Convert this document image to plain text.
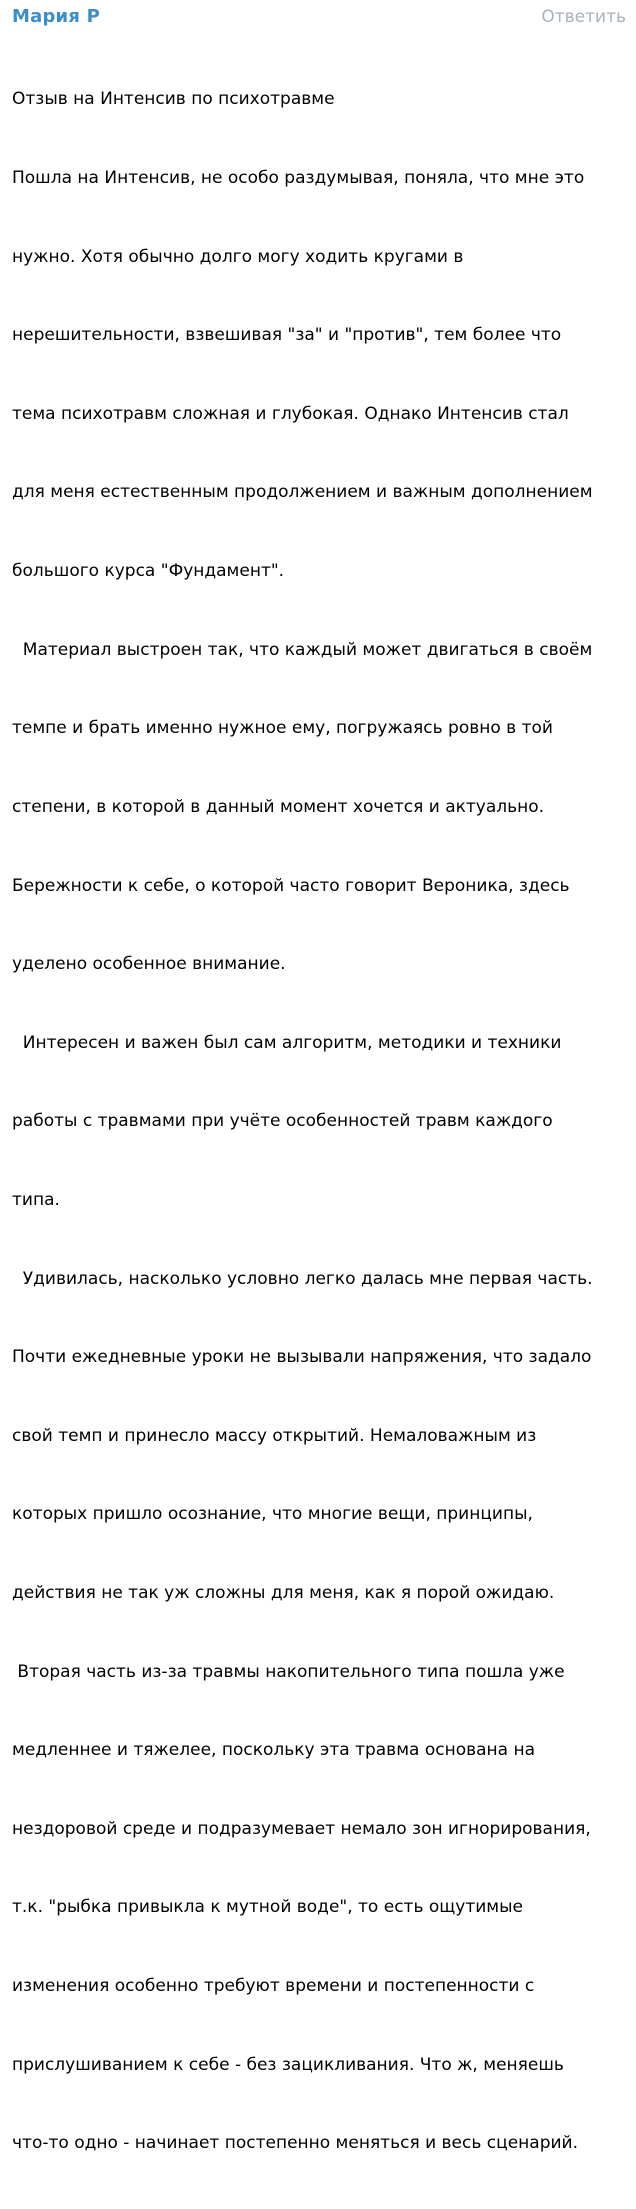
Мария Р	Ответить

Отзыв на Интенсив по психотравме

Пошла на Интенсив, не особо раздумывая, поняла, что мне это

нужно. Хотя обычно долго могу ходить кругами в

нерешительности, взвешивая "за" и "против", тем более что

тема психотравм сложная и глубокая. Однако Интенсив стал

для меня естественным продолжением и важным дополнением

большого курса "Фундамент".

Материал выстроен так, что каждый может двигаться в своём

темпе и брать именно нужное ему, погружаясь ровно в той

степени, в которой в данный момент хочется и актуально.

Бережности к себе, о которой часто говорит Вероника, здесь

уделено особенное внимание.

Интересен и важен был сам алгоритм, методики и техники

работы с травмами при учёте особенностей травм каждого

типа.

Удивилась, насколько условно легко далась мне первая часть.

Почти ежедневные уроки не вызывали напряжения, что задало

свой темп и принесло массу открытий. Немаловажным из

которых пришло осознание, что многие вещи, принципы,

действия не так уж сложны для меня, как я порой ожидаю.

Вторая часть из-за травмы накопительного типа пошла уже

медленнее и тяжелее, поскольку эта травма основана на

нездоровой среде и подразумевает немало зон игнорирования,

т.к. "рыбка привыкла к мутной воде", то есть ощутимые

изменения особенно требуют времени и постепенности с

прислушиванием к себе - без зацикливания. Что ж, меняешь

что-то одно - начинает постепенно меняться и весь сценарий.
